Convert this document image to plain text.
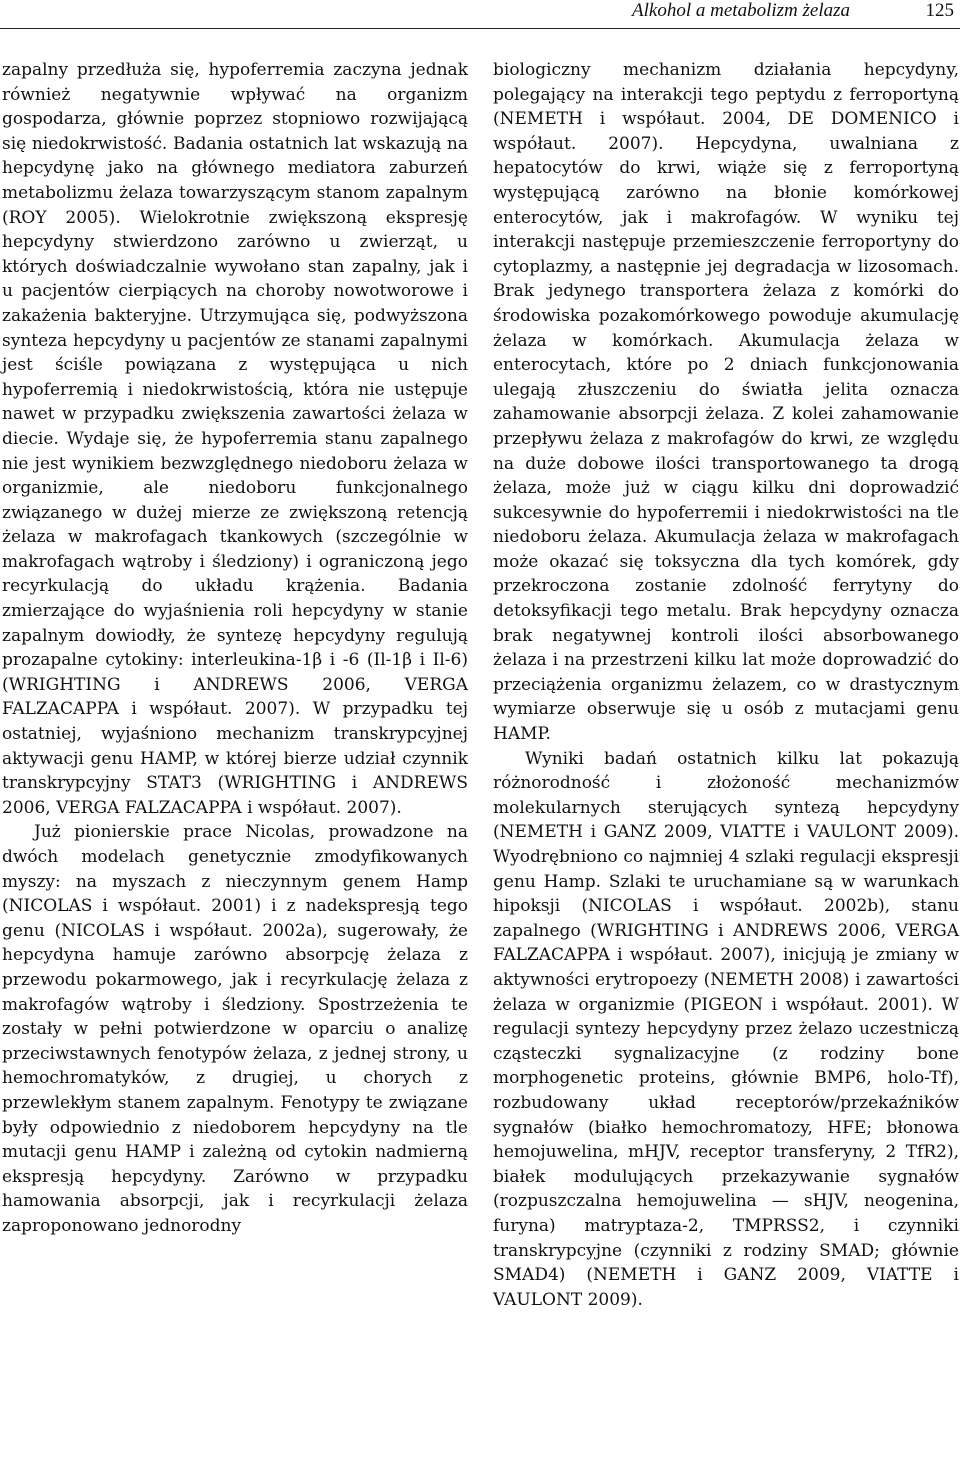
Alkohol a metabolizm żelaza	125

zapalny przedłuża się, hypoferremia zaczyna jednak również negatywnie wpływać na organizm gospodarza, głównie poprzez stopniowo rozwijającą się niedokrwistość. Badania ostatnich lat wskazują na hepcydynę jako na głównego mediatora zaburzeń metabolizmu żelaza towarzyszącym stanom zapalnym (ROY 2005). Wielokrotnie zwiększoną ekspresję hepcydyny stwierdzono zarówno u zwierząt, u których doświadczalnie wywołano stan zapalny, jak i u pacjentów cierpiących na choroby nowotworowe i zakażenia bakteryjne. Utrzymująca się, podwyższona synteza hepcydyny u pacjentów ze stanami zapalnymi jest ściśle powiązana z występująca u nich hypoferremią i niedokrwistością, która nie ustępuje nawet w przypadku zwiększenia zawartości żelaza w diecie. Wydaje się, że hypoferremia stanu zapalnego nie jest wynikiem bezwzględnego niedoboru żelaza w organizmie, ale niedoboru funkcjonalnego związanego w dużej mierze ze zwiększoną retencją żelaza w makrofagach tkankowych (szczególnie w makrofagach wątroby i śledziony) i ograniczoną jego recyrkulacją do układu krążenia. Badania zmierzające do wyjaśnienia roli hepcydyny w stanie zapalnym dowiodły, że syntezę hepcydyny regulują prozapalne cytokiny: interleukina-1β i -6 (Il-1β i Il-6) (WRIGHTING i ANDREWS 2006, VERGA FALZACAPPA i współaut. 2007). W przypadku tej ostatniej, wyjaśniono mechanizm transkrypcyjnej aktywacji genu HAMP, w której bierze udział czynnik transkrypcyjny STAT3 (WRIGHTING i ANDREWS 2006, VERGA FALZACAPPA i współaut. 2007).

Już pionierskie prace Nicolas, prowadzone na dwóch modelach genetycznie zmodyfikowanych myszy: na myszach z nieczynnym genem Hamp (NICOLAS i współaut. 2001) i z nadekspresją tego genu (NICOLAS i współaut. 2002a), sugerowały, że hepcydyna hamuje zarówno absorpcję żelaza z przewodu pokarmowego, jak i recyrkulację żelaza z makrofagów wątroby i śledziony. Spostrzeżenia te zostały w pełni potwierdzone w oparciu o analizę przeciwstawnych fenotypów żelaza, z jednej strony, u hemochromatyków, z drugiej, u chorych z przewlekłym stanem zapalnym. Fenotypy te związane były odpowiednio z niedoborem hepcydyny na tle mutacji genu HAMP i zależną od cytokin nadmierną ekspresją hepcydyny. Zarówno w przypadku hamowania absorpcji, jak i recyrkulacji żelaza zaproponowano jednorodny

biologiczny mechanizm działania hepcydyny, polegający na interakcji tego peptydu z ferroportyną (NEMETH i współaut. 2004, DE DOMENICO i współaut. 2007). Hepcydyna, uwalniana z hepatocytów do krwi, wiąże się z ferroportyną występującą zarówno na błonie komórkowej enterocytów, jak i makrofagów. W wyniku tej interakcji następuje przemieszczenie ferroportyny do cytoplazmy, a następnie jej degradacja w lizosomach. Brak jedynego transportera żelaza z komórki do środowiska pozakomórkowego powoduje akumulację żelaza w komórkach. Akumulacja żelaza w enterocytach, które po 2 dniach funkcjonowania ulegają złuszczeniu do światła jelita oznacza zahamowanie absorpcji żelaza. Z kolei zahamowanie przepływu żelaza z makrofagów do krwi, ze względu na duże dobowe ilości transportowanego ta drogą żelaza, może już w ciągu kilku dni doprowadzić sukcesywnie do hypoferremii i niedokrwistości na tle niedoboru żelaza. Akumulacja żelaza w makrofagach może okazać się toksyczna dla tych komórek, gdy przekroczona zostanie zdolność ferrytyny do detoksyfikacji tego metalu. Brak hepcydyny oznacza brak negatywnej kontroli ilości absorbowanego żelaza i na przestrzeni kilku lat może doprowadzić do przeciążenia organizmu żelazem, co w drastycznym wymiarze obserwuje się u osób z mutacjami genu HAMP.

Wyniki badań ostatnich kilku lat pokazują różnorodność i złożoność mechanizmów molekularnych sterujących syntezą hepcydyny (NEMETH i GANZ 2009, VIATTE i VAULONT 2009). Wyodrębniono co najmniej 4 szlaki regulacji ekspresji genu Hamp. Szlaki te uruchamiane są w warunkach hipoksji (NICOLAS i współaut. 2002b), stanu zapalnego (WRIGHTING i ANDREWS 2006, VERGA FALZACAPPA i współaut. 2007), inicjują je zmiany w aktywności erytropoezy (NEMETH 2008) i zawartości żelaza w organizmie (PIGEON i współaut. 2001). W regulacji syntezy hepcydyny przez żelazo uczestniczą cząsteczki sygnalizacyjne (z rodziny bone morphogenetic proteins, głównie BMP6, holo-Tf), rozbudowany układ receptorów/przekaźników sygnałów (białko hemochromatozy, HFE; błonowa hemojuwelina, mHJV, receptor transferyny, 2 TfR2), białek modulujących przekazywanie sygnałów (rozpuszczalna hemojuwelina — sHJV, neogenina, furyna) matryptaza-2, TMPRSS2, i czynniki transkrypcyjne (czynniki z rodziny SMAD; głównie SMAD4) (NEMETH i GANZ 2009, VIATTE i VAULONT 2009).
